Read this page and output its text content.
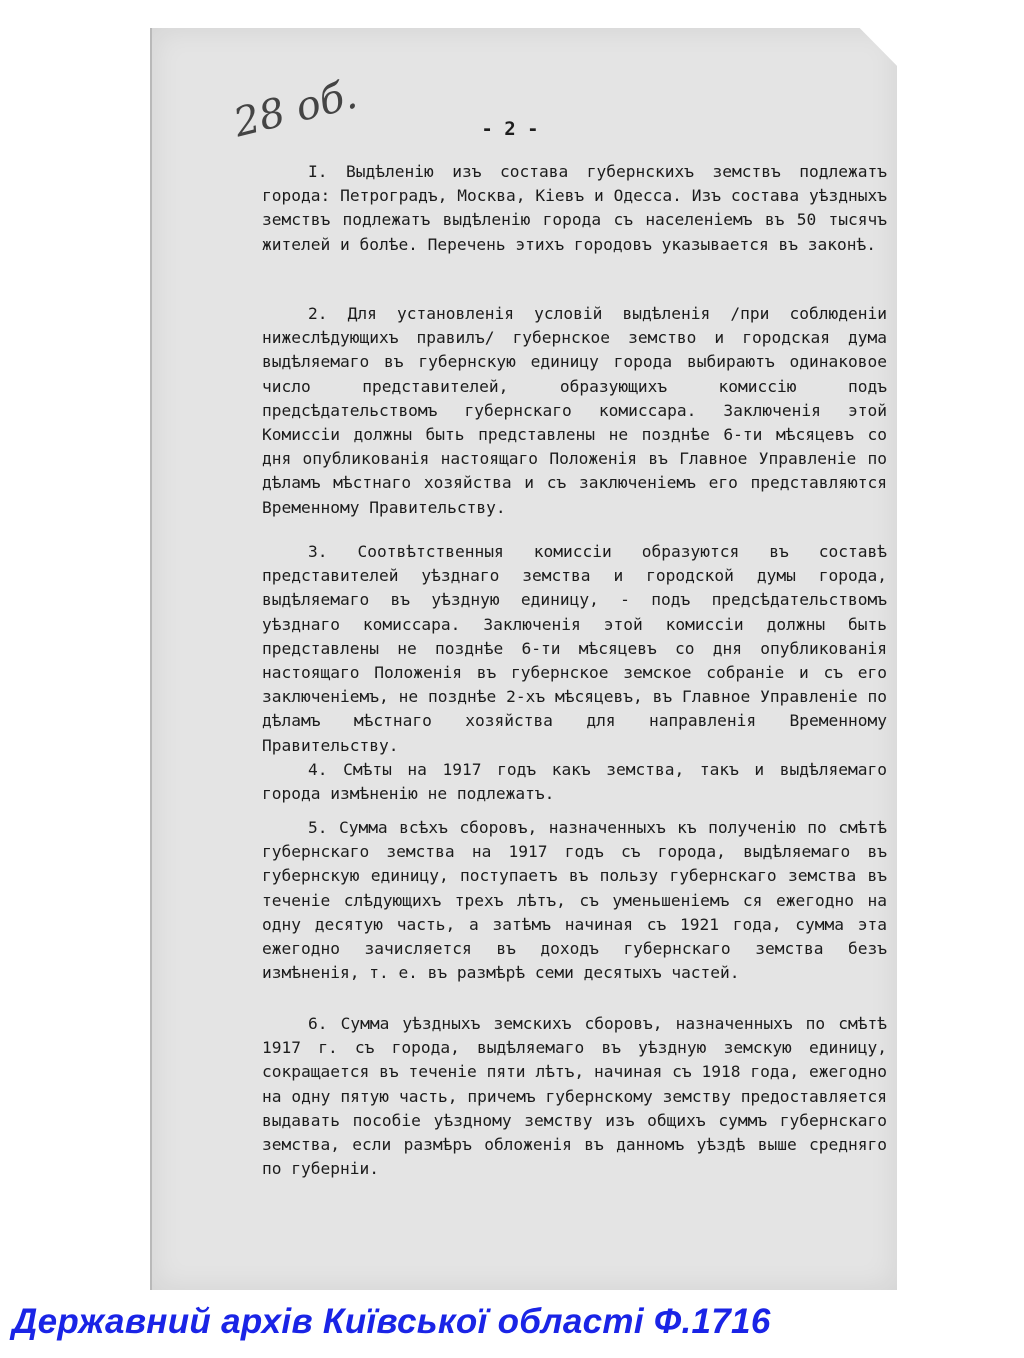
28 об.	- 2 -

I. Выдѣленію изъ состава губернскихъ земствъ подлежатъ города: Петроградъ, Москва, Кіевъ и Одесса. Изъ состава уѣздныхъ земствъ подлежатъ выдѣленію города съ населеніемъ въ 50 тысячъ жителей и болѣе. Перечень этихъ городовъ указывается въ законѣ.

2. Для установленія условій выдѣленія /при соблюденіи нижеслѣдующихъ правилъ/ губернское земство и городская дума выдѣляемаго въ губернскую единицу города выбираютъ одинаковое число представителей, образующихъ комиссію подъ предсѣдательствомъ губернскаго комиссара. Заключенія этой Комиссіи должны быть представлены не позднѣе 6-ти мѣсяцевъ со дня опубликованія настоящаго Положенія въ Главное Управленіе по дѣламъ мѣстнаго хозяйства и съ заключеніемъ его представляются Временному Правительству.

3. Соотвѣтственныя комиссіи образуются въ составѣ представителей уѣзднаго земства и городской думы города, выдѣляемаго въ уѣздную единицу, - подъ предсѣдательствомъ уѣзднаго комиссара. Заключенія этой комиссіи должны быть представлены не позднѣе 6-ти мѣсяцевъ со дня опубликованія настоящаго Положенія въ губернское земское собраніе и съ его заключеніемъ, не позднѣе 2-хъ мѣсяцевъ, въ Главное Управленіе по дѣламъ мѣстнаго хозяйства для направленія Временному Правительству.

4. Смѣты на 1917 годъ какъ земства, такъ и выдѣляемаго города измѣненію не подлежатъ.

5. Сумма всѣхъ сборовъ, назначенныхъ къ полученію по смѣтѣ губернскаго земства на 1917 годъ съ города, выдѣляемаго въ губернскую единицу, поступаетъ въ пользу губернскаго земства въ теченіе слѣдующихъ трехъ лѣтъ, съ уменьшеніемъ ся ежегодно на одну десятую часть, а затѣмъ начиная съ 1921 года, сумма эта ежегодно зачисляется въ доходъ губернскаго земства безъ измѣненія, т. е. въ размѣрѣ семи десятыхъ частей.

6. Сумма уѣздныхъ земскихъ сборовъ, назначенныхъ по смѣтѣ 1917 г. съ города, выдѣляемаго въ уѣздную земскую единицу, сокращается въ теченіе пяти лѣтъ, начиная съ 1918 года, ежегодно на одну пятую часть, причемъ губернскому земству предоставляется выдавать пособіе уѣздному земству изъ общихъ суммъ губернскаго земства, если размѣръ обложенія въ данномъ уѣздѣ выше средняго по губерніи.

Державний архів Київської області Ф.1716
